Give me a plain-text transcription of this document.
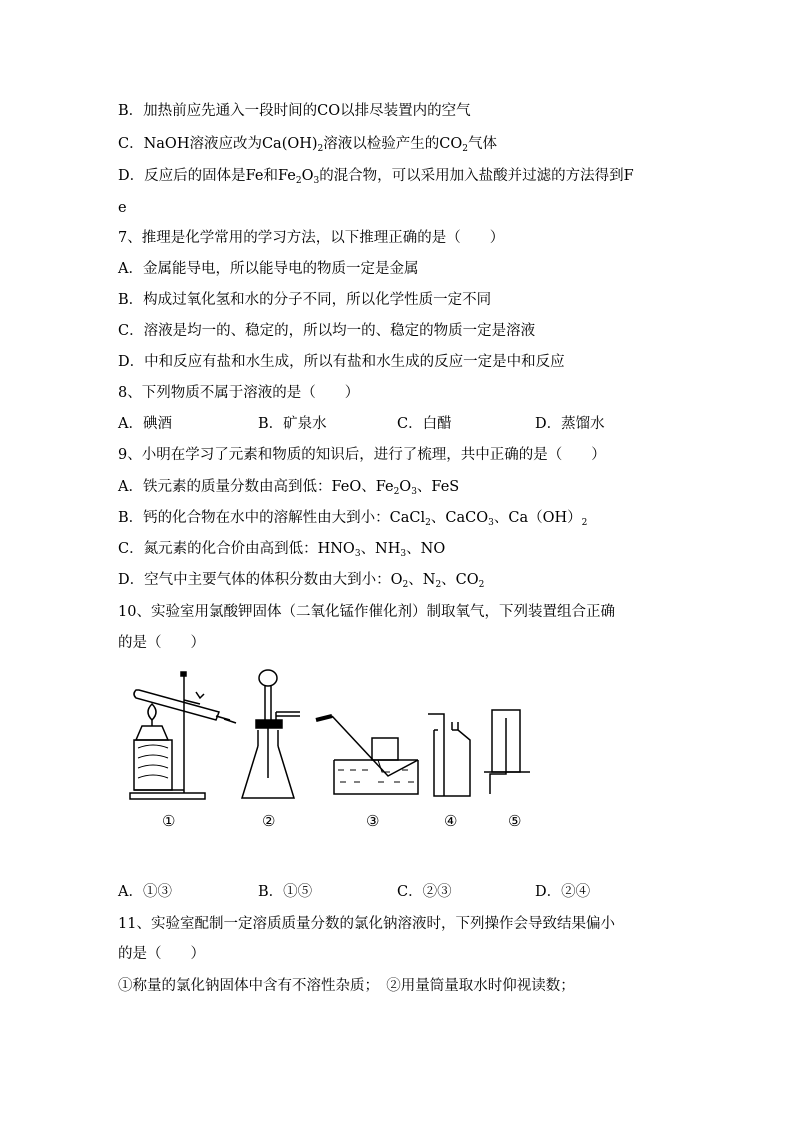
B．加热前应先通入一段时间的CO以排尽装置内的空气
C．NaOH溶液应改为$Ca(OH)_2$溶液以检验产生的$CO_2$气体
D．反应后的固体是Fe和$Fe_2O_3$的混合物，可以采用加入盐酸并过滤的方法得到F
e
7、推理是化学常用的学习方法，以下推理正确的是（　　）
A．金属能导电，所以能导电的物质一定是金属
B．构成过氧化氢和水的分子不同，所以化学性质一定不同
C．溶液是均一的、稳定的，所以均一的、稳定的物质一定是溶液
D．中和反应有盐和水生成，所以有盐和水生成的反应一定是中和反应
8、下列物质不属于溶液的是（　　）
A．碘酒	B．矿泉水	C．白醋	D．蒸馏水
9、小明在学习了元素和物质的知识后，进行了梳理，共中正确的是（　　）
A．铁元素的质量分数由高到低：FeO、$Fe_2O_3$、FeS
B．钙的化合物在水中的溶解性由大到小：CaCl$_2$、CaCO$_3$、$Ca(OH)_2$
C．氮元素的化合价由高到低：$HNO_3$、$NH_3$、NO
D．空气中主要气体的体积分数由大到小：$O_2$、$N_2$、$CO_2$
10、实验室用氯酸钾固体（二氧化锰作催化剂）制取氧气，下列装置组合正确
的是（　　）
①	②	③	④	⑤
A．①③	B．①⑤	C．②③	D．②④
11、实验室配制一定溶质质量分数的氯化钠溶液时，下列操作会导致结果偏小
的是（　　）
①称量的氯化钠固体中含有不溶性杂质；　②用量筒量取水时仰视读数；
